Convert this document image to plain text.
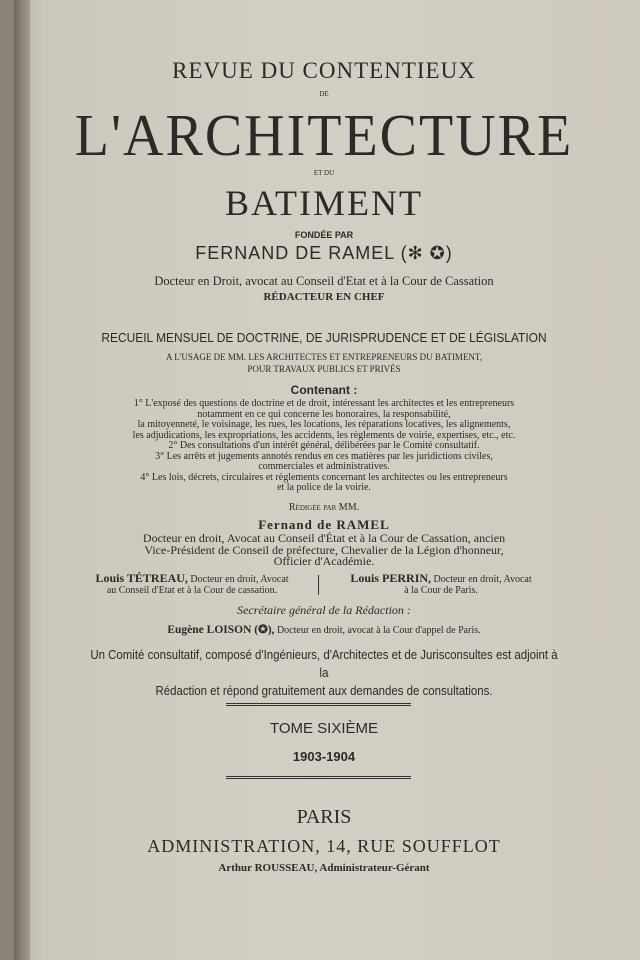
REVUE DU CONTENTIEUX
DE
L'ARCHITECTURE
ET DU
BATIMENT
FONDÉE PAR
FERNAND DE RAMEL (✻ ✪)
Docteur en Droit, avocat au Conseil d'Etat et à la Cour de Cassation
RÉDACTEUR EN CHEF
RECUEIL MENSUEL DE DOCTRINE, DE JURISPRUDENCE ET DE LÉGISLATION
A L'USAGE DE MM. LES ARCHITECTES ET ENTREPRENEURS DU BATIMENT,
POUR TRAVAUX PUBLICS ET PRIVÉS
Contenant :
1° L'exposé des questions de doctrine et de droit, intéressant les architectes et les entrepreneurs
notamment en ce qui concerne les honoraires, la responsabilité,
la mitoyenneté, le voisinage, les rues, les locations, les réparations locatives, les alignements,
les adjudications, les expropriations, les accidents, les règlements de voirie, expertises, etc., etc.
2° Des consultations d'un intérêt général, délibérées par le Comité consultatif.
3° Les arrêts et jugements annotés rendus en ces matières par les juridictions civiles,
commerciales et administratives.
4° Les lois, décrets, circulaires et règlements concernant les architectes ou les entrepreneurs
et la police de la voirie.
Rédigée par MM.
Fernand de RAMEL
Docteur en droit, Avocat au Conseil d'État et à la Cour de Cassation, ancien
Vice-Président de Conseil de préfecture, Chevalier de la Légion d'honneur,
Officier d'Académie.
Louis TÉTREAU, Docteur en droit, Avocat
au Conseil d'Etat et à la Cour de cassation.
Louis PERRIN, Docteur en droit, Avocat
à la Cour de Paris.
Secrétaire général de la Rédaction :
Eugène LOISON (✪), Docteur en droit, avocat à la Cour d'appel de Paris.
Un Comité consultatif, composé d'Ingénieurs, d'Architectes et de Jurisconsultes est adjoint à la
Rédaction et répond gratuitement aux demandes de consultations.
TOME SIXIÈME
1903-1904
PARIS
ADMINISTRATION, 14, RUE SOUFFLOT
Arthur ROUSSEAU, Administrateur-Gérant
